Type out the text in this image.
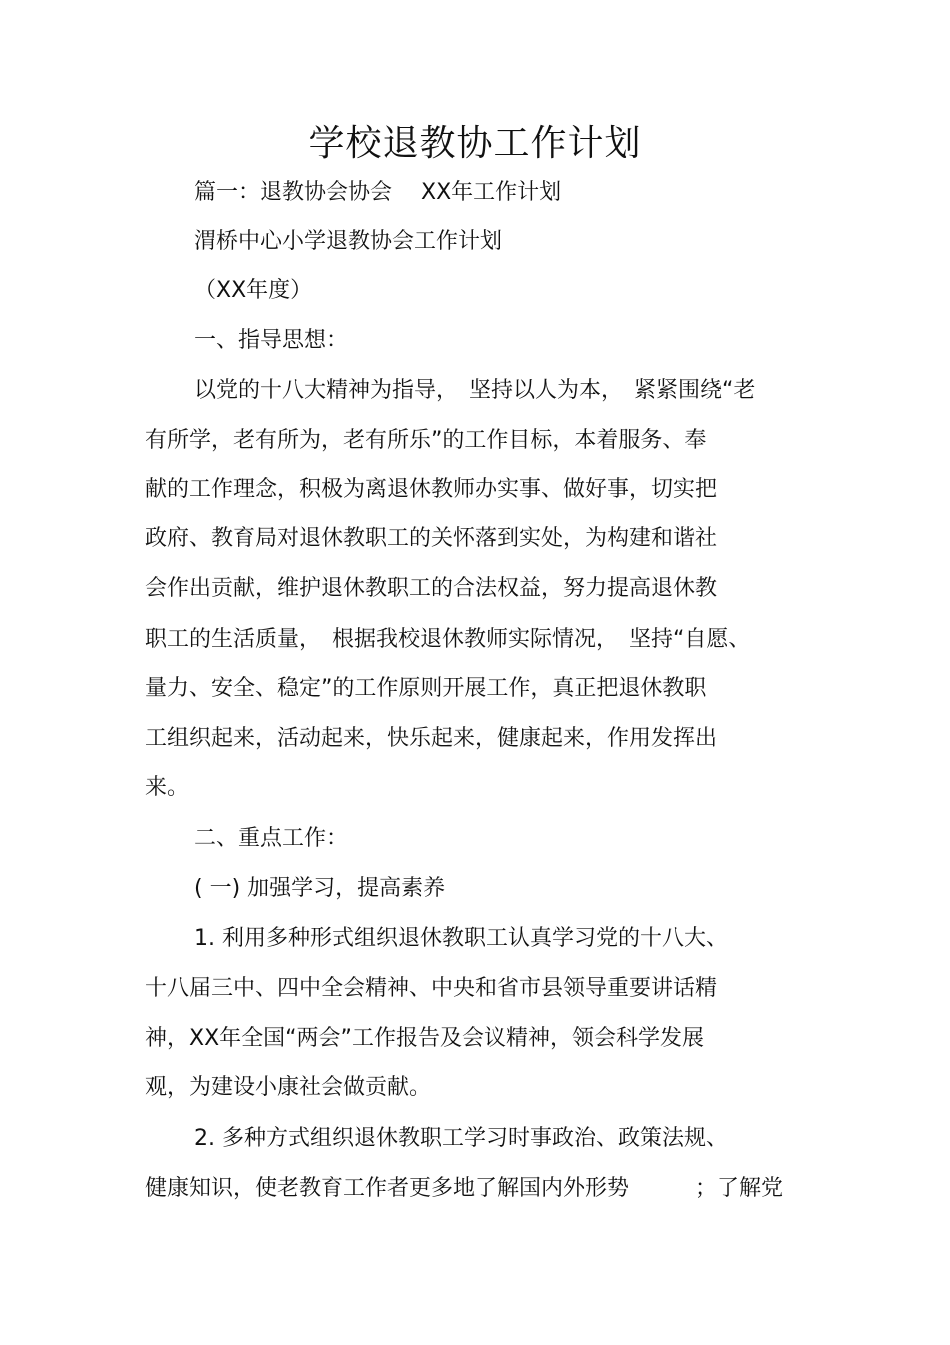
学校退教协工作计划
篇一：退教协会协会　 XX年工作计划
渭桥中心小学退教协会工作计划
（XX年度）
一、指导思想：
以党的十八大精神为指导，　坚持以人为本，　紧紧围绕“老
有所学，老有所为，老有所乐”的工作目标，本着服务、奉
献的工作理念，积极为离退休教师办实事、做好事，切实把
政府、教育局对退休教职工的关怀落到实处，为构建和谐社
会作出贡献，维护退休教职工的合法权益，努力提高退休教
职工的生活质量，　根据我校退休教师实际情况，　坚持“自愿、
量力、安全、稳定”的工作原则开展工作，真正把退休教职
工组织起来，活动起来，快乐起来，健康起来，作用发挥出
来。
二、重点工作：
( 一) 加强学习，提高素养
1. 利用多种形式组织退休教职工认真学习党的十八大、
十八届三中、四中全会精神、中央和省市县领导重要讲话精
神，XX年全国“两会”工作报告及会议精神，领会科学发展
观，为建设小康社会做贡献。
2. 多种方式组织退休教职工学习时事政治、政策法规、
健康知识，使老教育工作者更多地了解国内外形势　　　；了解党
